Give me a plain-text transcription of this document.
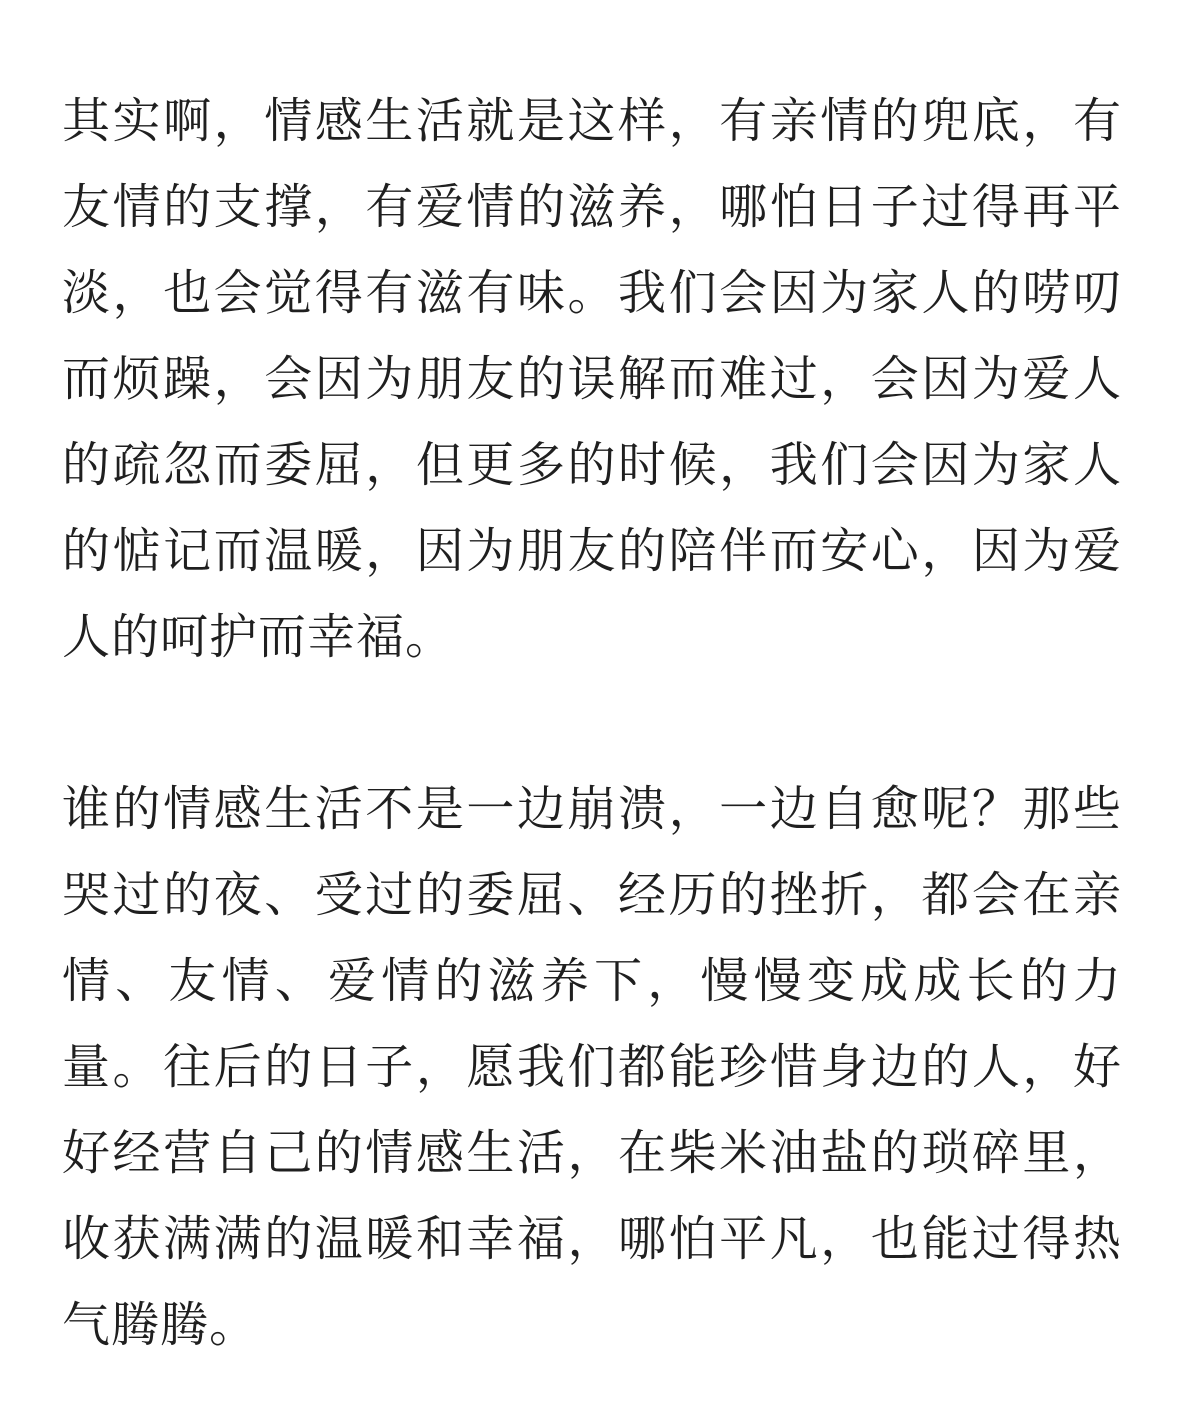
其实啊，情感生活就是这样，有亲情的兜底，有友情的支撑，有爱情的滋养，哪怕日子过得再平淡，也会觉得有滋有味。我们会因为家人的唠叨而烦躁，会因为朋友的误解而难过，会因为爱人的疏忽而委屈，但更多的时候，我们会因为家人的惦记而温暖，因为朋友的陪伴而安心，因为爱人的呵护而幸福。

谁的情感生活不是一边崩溃，一边自愈呢？那些哭过的夜、受过的委屈、经历的挫折，都会在亲情、友情、爱情的滋养下，慢慢变成成长的力量。往后的日子，愿我们都能珍惜身边的人，好好经营自己的情感生活，在柴米油盐的琐碎里，收获满满的温暖和幸福，哪怕平凡，也能过得热气腾腾。
